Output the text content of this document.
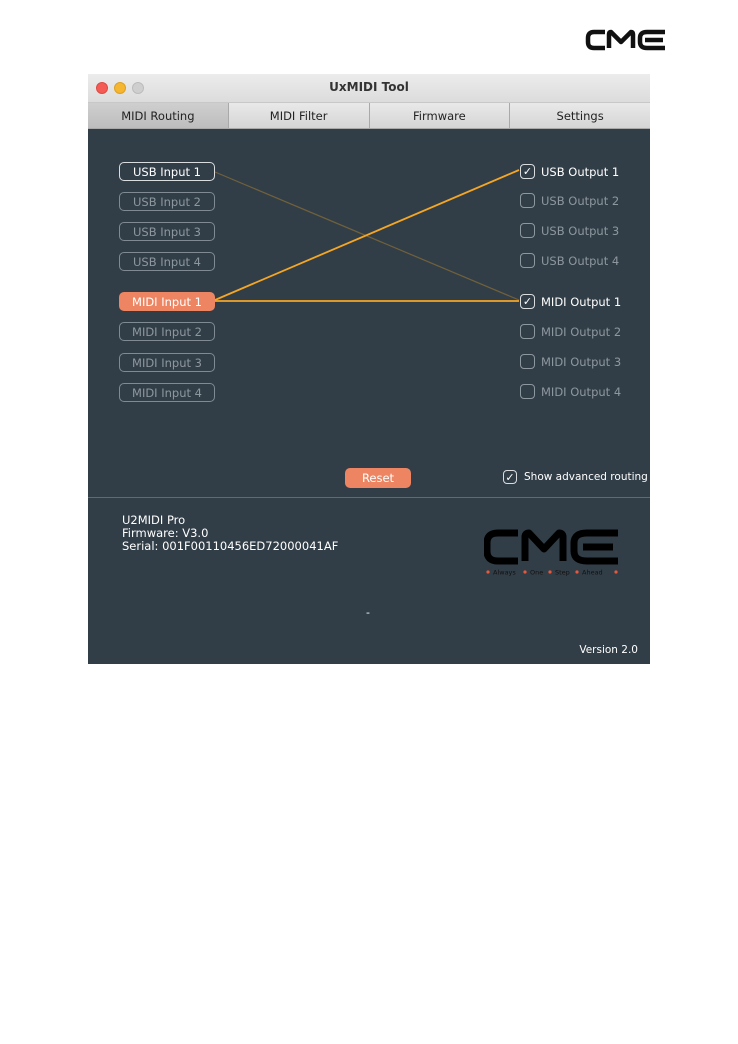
UxMIDI Tool
MIDI Routing	MIDI Filter	Firmware	Settings
USB Input 1
USB Input 2
USB Input 3
USB Input 4
MIDI Input 1
MIDI Input 2
MIDI Input 3
MIDI Input 4
✓ USB Output 1
USB Output 2
USB Output 3
USB Output 4
✓ MIDI Output 1
MIDI Output 2
MIDI Output 3
MIDI Output 4
Reset	✓ Show advanced routing
U2MIDI Pro
Firmware: V3.0
Serial: 001F00110456ED72000041AF
Always One Step Ahead
-
Version 2.0
